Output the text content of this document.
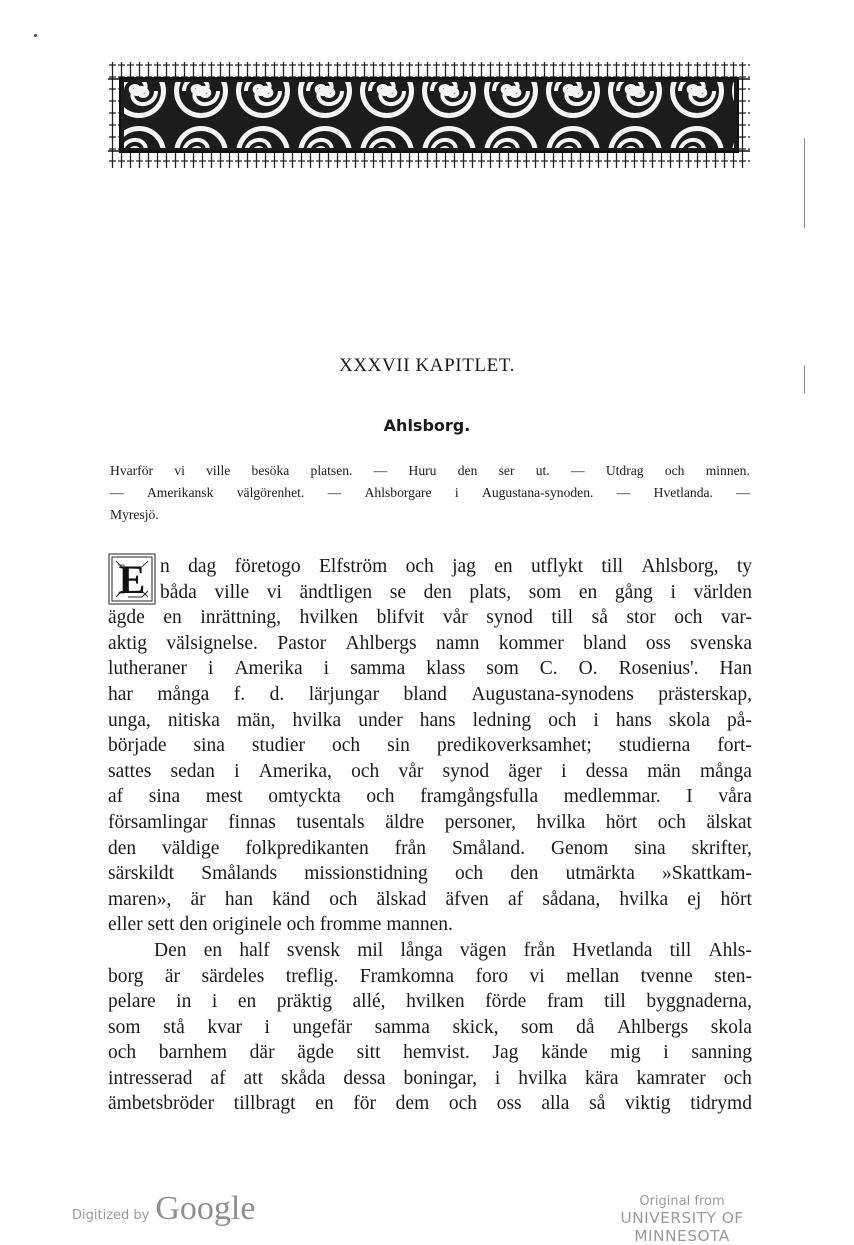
XXXVII KAPITLET.
Ahlsborg.
Hvarför vi ville besöka platsen. — Huru den ser ut. — Utdrag och minnen.
— Amerikansk välgörenhet. — Ahlsborgare i Augustana-synoden. — Hvetlanda. —
Myresjö.
E n dag företogo Elfström och jag en utflykt till Ahlsborg, ty
båda ville vi ändtligen se den plats, som en gång i världen
ägde en inrättning, hvilken blifvit vår synod till så stor och var-
aktig välsignelse. Pastor Ahlbergs namn kommer bland oss svenska
lutheraner i Amerika i samma klass som C. O. Rosenius'. Han
har många f. d. lärjungar bland Augustana-synodens prästerskap,
unga, nitiska män, hvilka under hans ledning och i hans skola på-
började sina studier och sin predikoverksamhet; studierna fort-
sattes sedan i Amerika, och vår synod äger i dessa män många
af sina mest omtyckta och framgångsfulla medlemmar. I våra
församlingar finnas tusentals äldre personer, hvilka hört och älskat
den väldige folkpredikanten från Småland. Genom sina skrifter,
särskildt Smålands missionstidning och den utmärkta »Skattkam-
maren», är han känd och älskad äfven af sådana, hvilka ej hört
eller sett den originele och fromme mannen.
Den en half svensk mil långa vägen från Hvetlanda till Ahls-
borg är särdeles treflig. Framkomna foro vi mellan tvenne sten-
pelare in i en präktig allé, hvilken förde fram till byggnaderna,
som stå kvar i ungefär samma skick, som då Ahlbergs skola
och barnhem där ägde sitt hemvist. Jag kände mig i sanning
intresserad af att skåda dessa boningar, i hvilka kära kamrater och
ämbetsbröder tillbragt en för dem och oss alla så viktig tidrymd
Digitized by Google	Original from
UNIVERSITY OF MINNESOTA
